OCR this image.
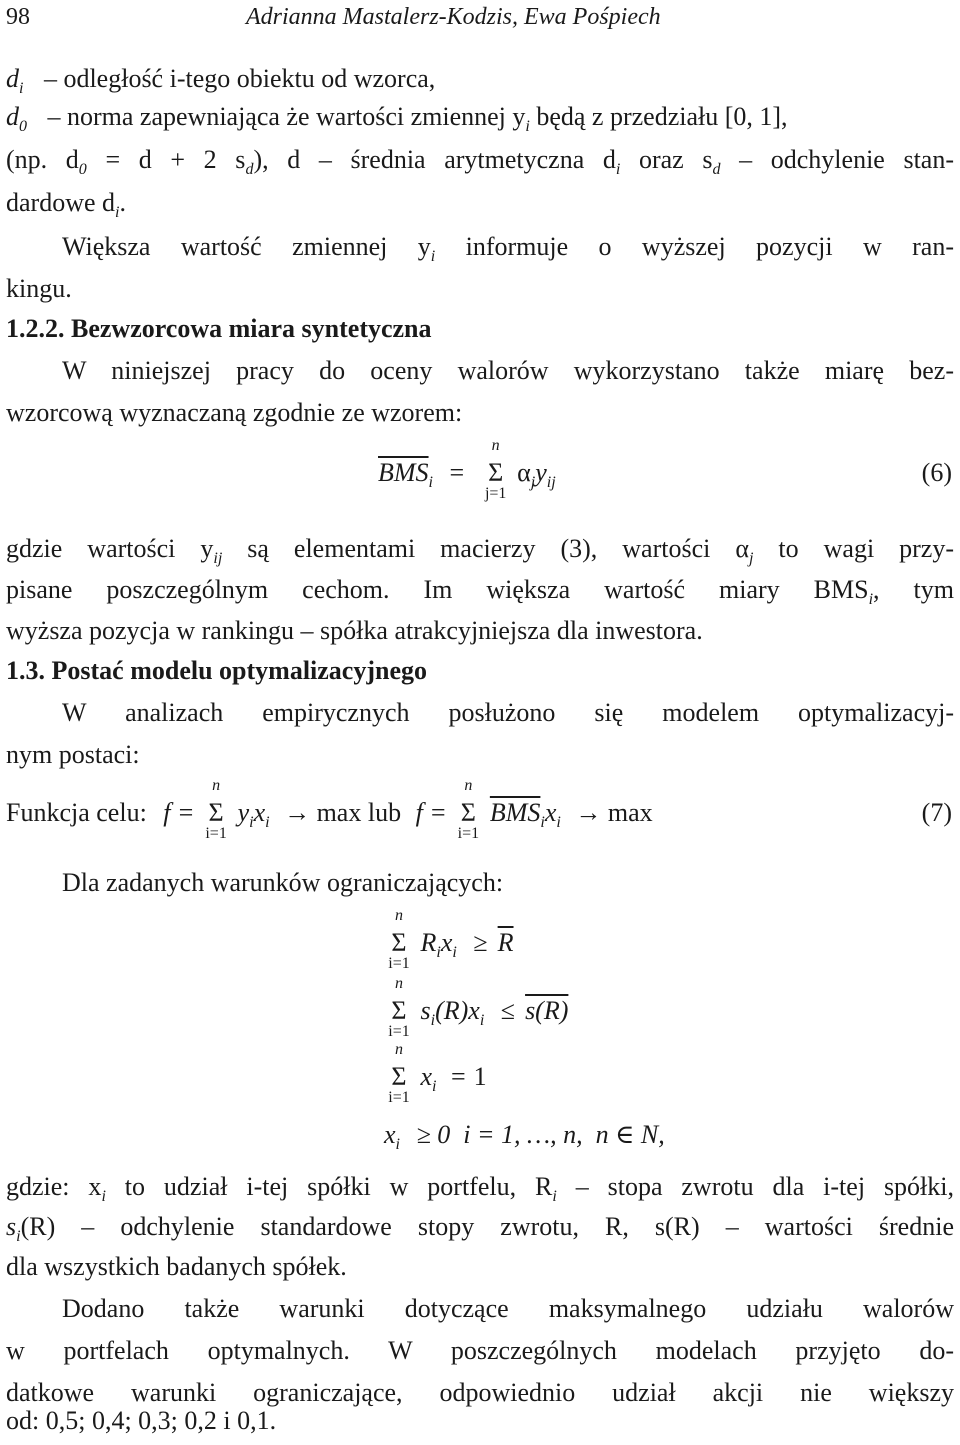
98	Adrianna Mastalerz-Kodzis, Ewa Pośpiech
$d_i$ – odległość i-tego obiektu od wzorca,
$d_0$ – norma zapewniająca że wartości zmiennej $y_i$ będą z przedziału [0, 1],
(np. $d_0 = d + 2$ $s_d$), d – średnia arytmetyczna $d_i$ oraz $s_d$ – odchylenie stan-
dardowe $d_i$.
Większa wartość zmiennej $y_i$ informuje o wyższej pozycji w ran-
kingu.
1.2.2. Bezwzorcowa miara syntetyczna
W niniejszej pracy do oceny walorów wykorzystano także miarę bez-
wzorcową wyznaczaną zgodnie ze wzorem:
$\overline{BMS}_i = \Sigma$
n
j=1
$\alpha_jy_{ij}$	(6)
gdzie wartości $y_{ij}$ są elementami macierzy (3), wartości $\alpha_j$ to wagi przy-
pisane poszczególnym cechom. Im większa wartość miary $BMS_i$, tym
wyższa pozycja w rankingu – spółka atrakcyjniejsza dla inwestora.
1.3. Postać modelu optymalizacyjnego
W analizach empirycznych posłużono się modelem optymalizacyj-
nym postaci:
Funkcja celu: f = Σ
n
i=1
$y_ix_i \to \max$ lub f = Σ
n
i=1
$\overline{BMS}_ix_i \to \max$	(7)
Dla zadanych warunków ograniczających:
Σ
n
i=1
$R_ix_i \ge \overline{R}$
Σ
n
i=1
$s_i(R)x_i \le s(R)$
Σ
n
i=1
$x_i = 1$
$x_i \ge 0$  i = 1, …, n,  n ∈ N,
gdzie: $x_i$ to udział i-tej spółki w portfelu, $R_i$ – stopa zwrotu dla i-tej spółki,
$s_i(R)$ – odchylenie standardowe stopy zwrotu, R, s(R) – wartości średnie
dla wszystkich badanych spółek.
Dodano także warunki dotyczące maksymalnego udziału walorów
w portfelach optymalnych. W poszczególnych modelach przyjęto do-
datkowe warunki ograniczające, odpowiednio udział akcji nie większy
od: 0,5; 0,4; 0,3; 0,2 i 0,1.
